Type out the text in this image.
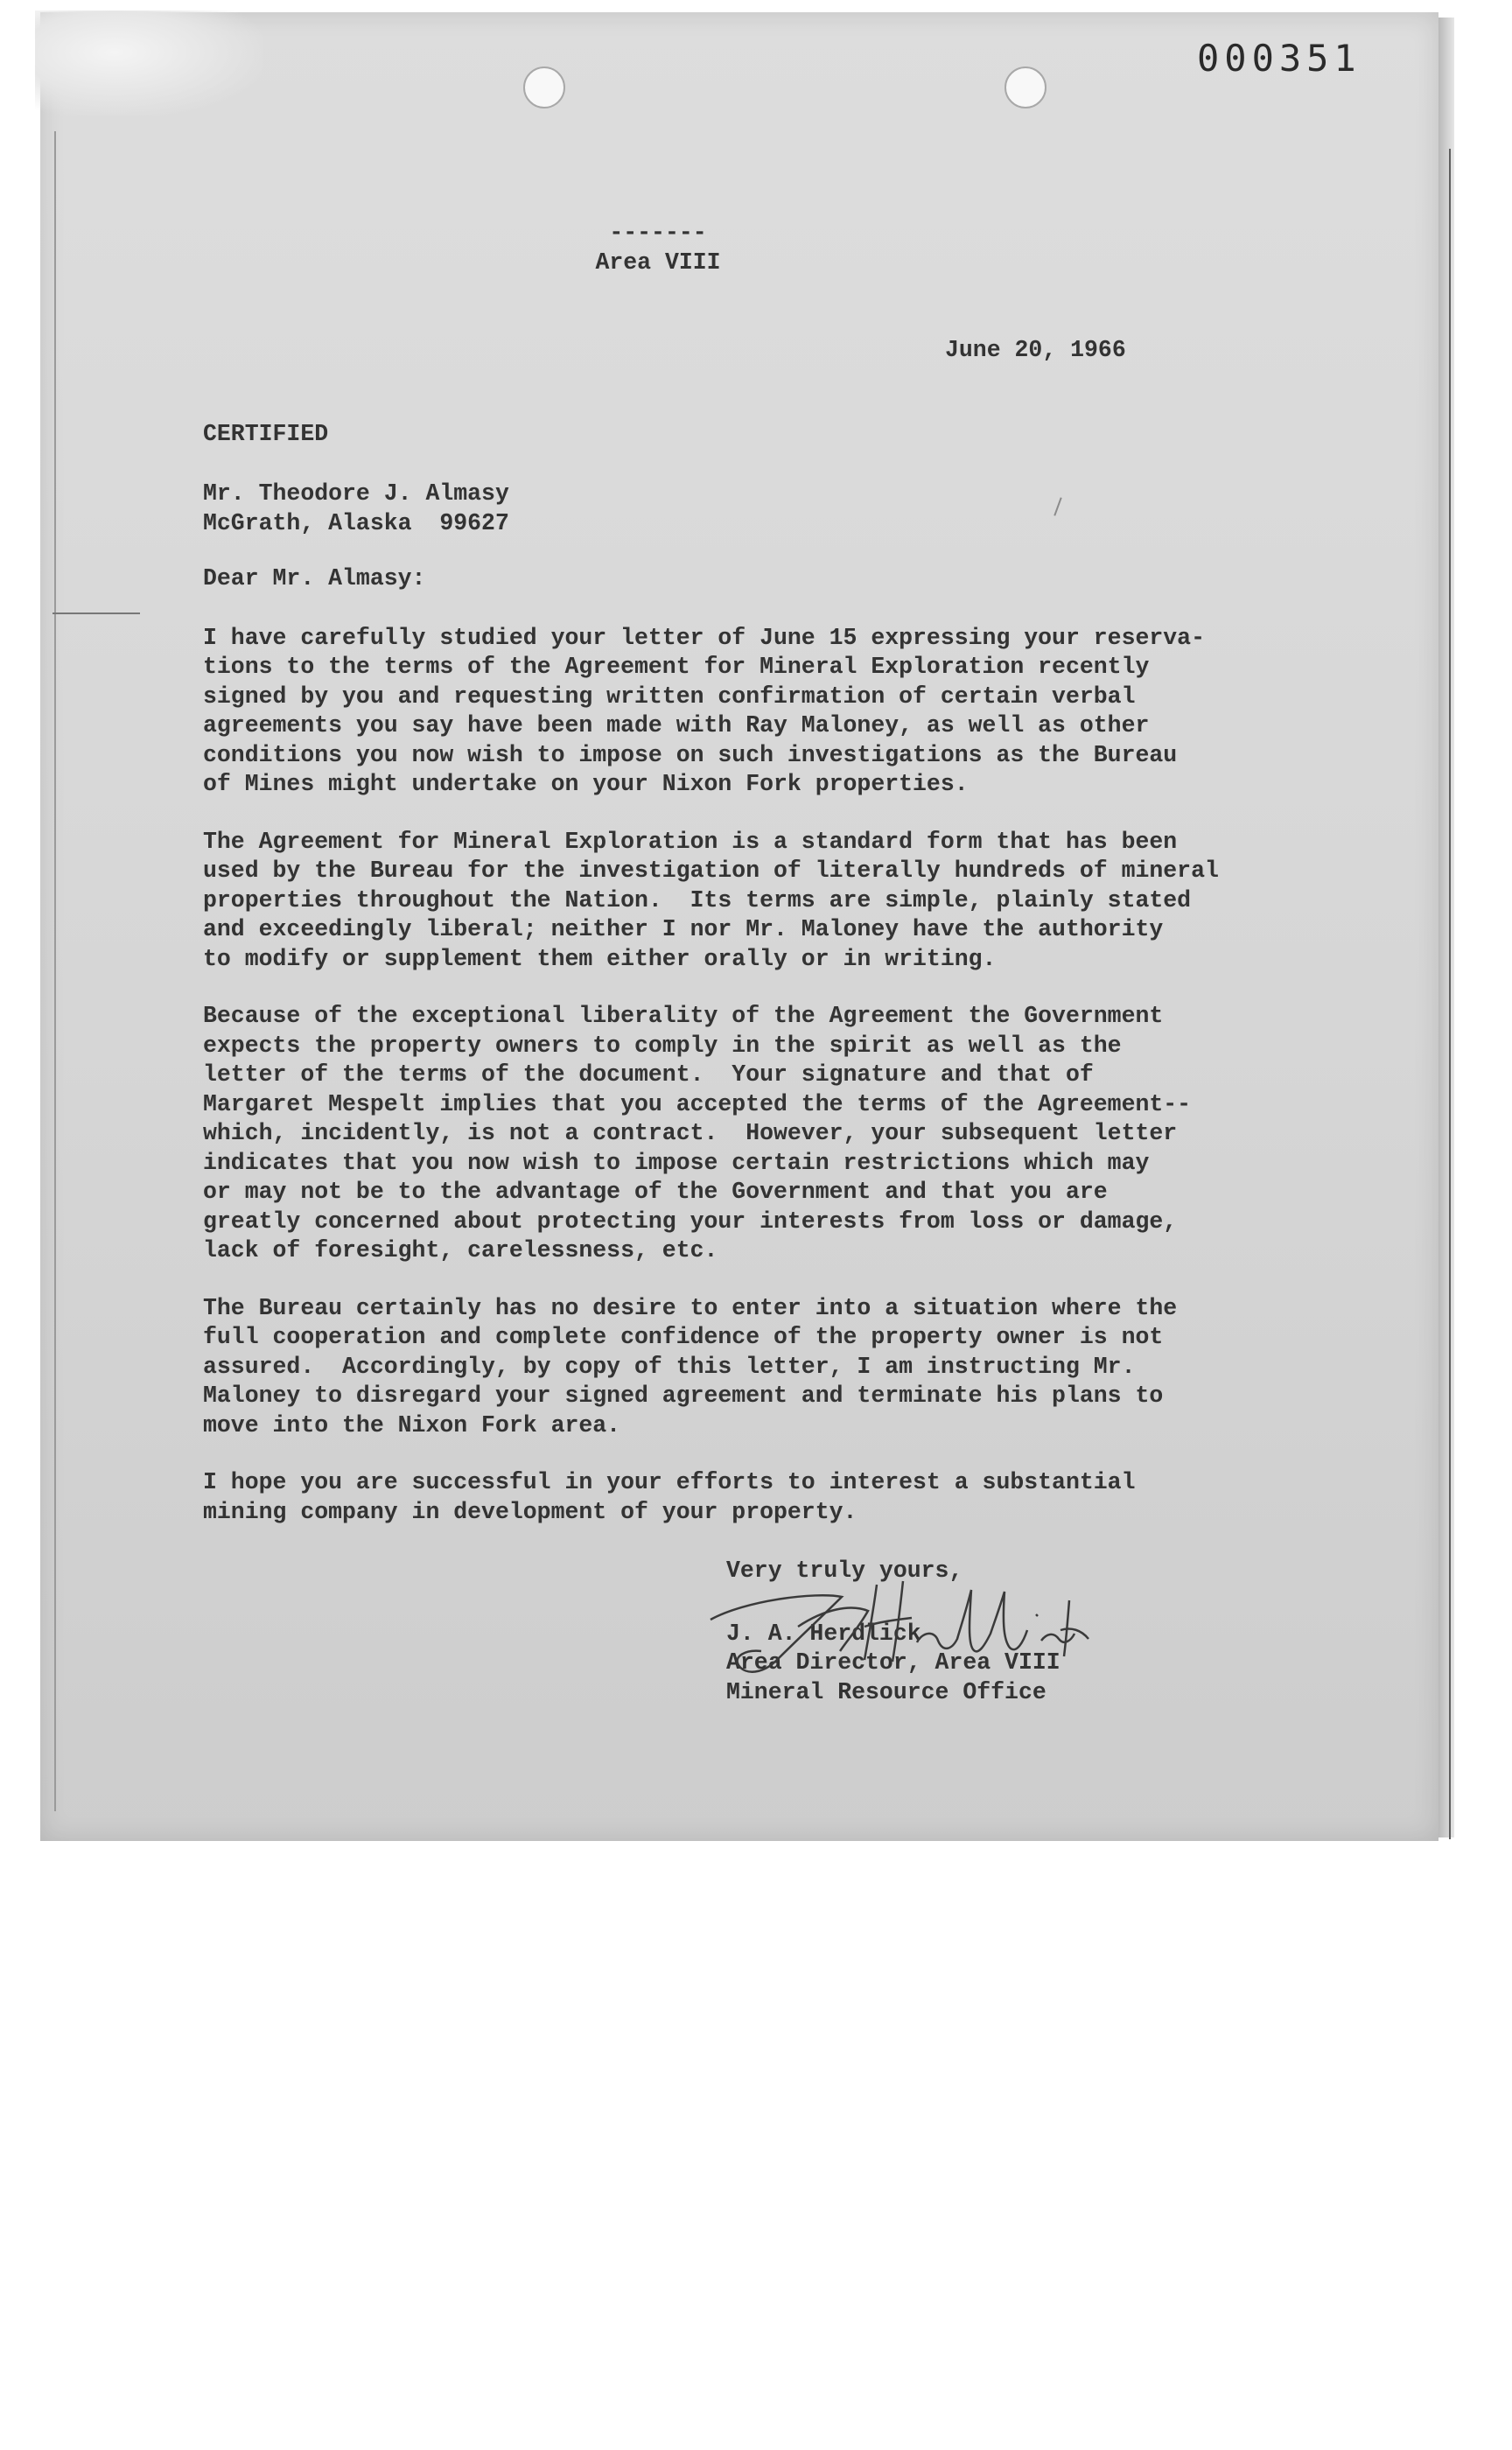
000351
-------
Area VIII
June 20, 1966
CERTIFIED
Mr. Theodore J. Almasy
McGrath, Alaska  99627
Dear Mr. Almasy:
I have carefully studied your letter of June 15 expressing your reserva-
tions to the terms of the Agreement for Mineral Exploration recently
signed by you and requesting written confirmation of certain verbal
agreements you say have been made with Ray Maloney, as well as other
conditions you now wish to impose on such investigations as the Bureau
of Mines might undertake on your Nixon Fork properties.
The Agreement for Mineral Exploration is a standard form that has been
used by the Bureau for the investigation of literally hundreds of mineral
properties throughout the Nation.  Its terms are simple, plainly stated
and exceedingly liberal; neither I nor Mr. Maloney have the authority
to modify or supplement them either orally or in writing.
Because of the exceptional liberality of the Agreement the Government
expects the property owners to comply in the spirit as well as the
letter of the terms of the document.  Your signature and that of
Margaret Mespelt implies that you accepted the terms of the Agreement--
which, incidently, is not a contract.  However, your subsequent letter
indicates that you now wish to impose certain restrictions which may
or may not be to the advantage of the Government and that you are
greatly concerned about protecting your interests from loss or damage,
lack of foresight, carelessness, etc.
The Bureau certainly has no desire to enter into a situation where the
full cooperation and complete confidence of the property owner is not
assured.  Accordingly, by copy of this letter, I am instructing Mr.
Maloney to disregard your signed agreement and terminate his plans to
move into the Nixon Fork area.
I hope you are successful in your efforts to interest a substantial
mining company in development of your property.
Very truly yours,
J. A. Herdlick
Area Director, Area VIII
Mineral Resource Office
